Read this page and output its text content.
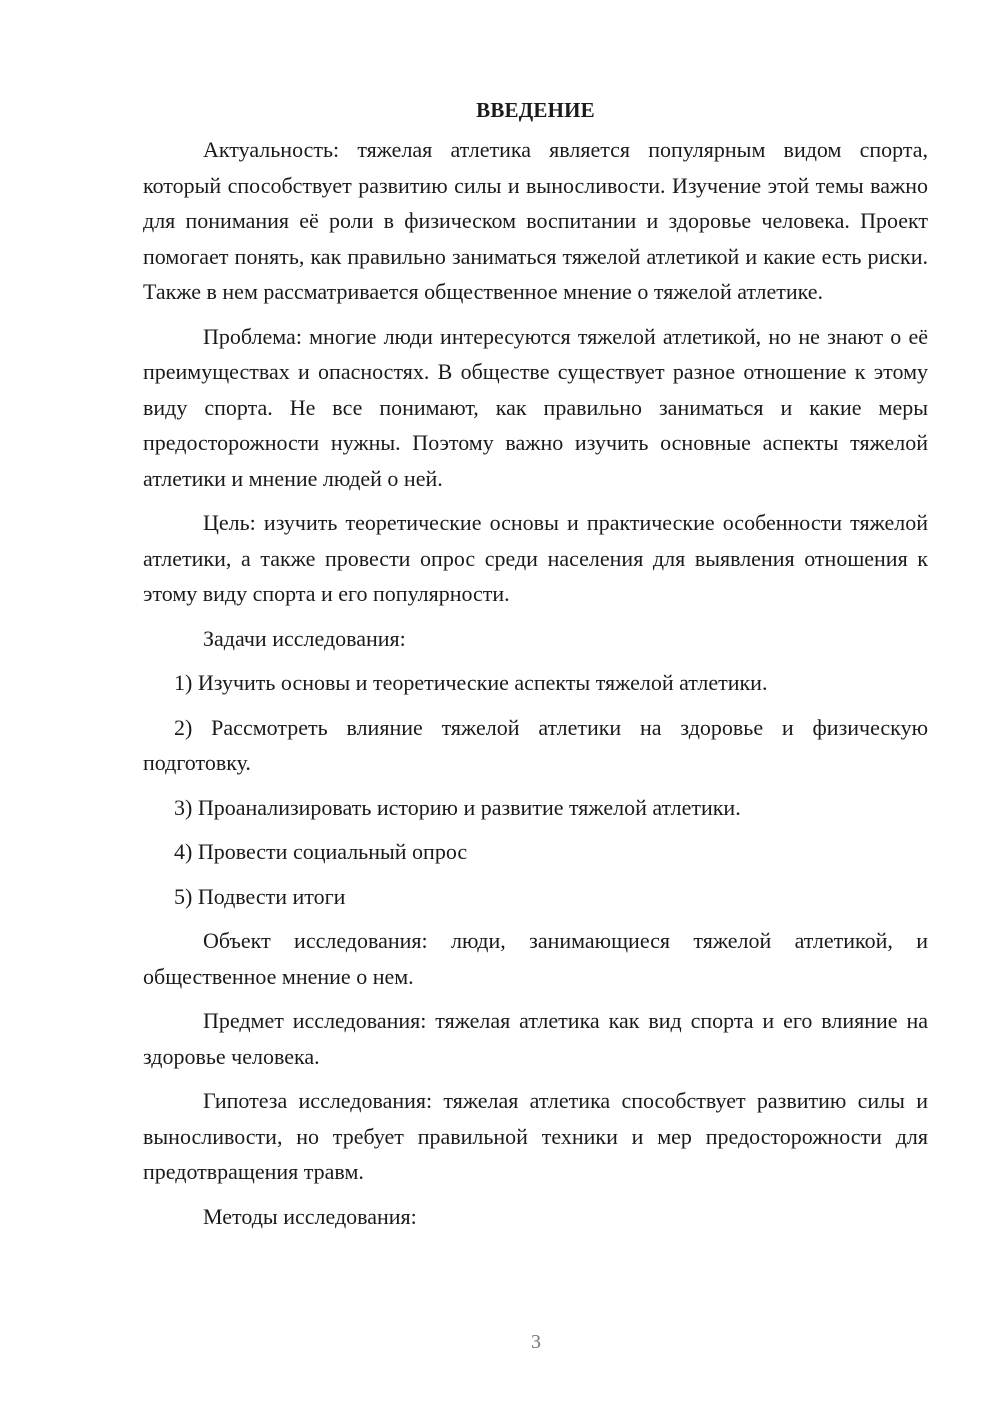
ВВЕДЕНИЕ

Актуальность: тяжелая атлетика является популярным видом спорта, который способствует развитию силы и выносливости. Изучение этой темы важно для понимания её роли в физическом воспитании и здоровье человека. Проект помогает понять, как правильно заниматься тяжелой атлетикой и какие есть риски. Также в нем рассматривается общественное мнение о тяжелой атлетике.

Проблема: многие люди интересуются тяжелой атлетикой, но не знают о её преимуществах и опасностях. В обществе существует разное отношение к этому виду спорта. Не все понимают, как правильно заниматься и какие меры предосторожности нужны. Поэтому важно изучить основные аспекты тяжелой атлетики и мнение людей о ней.

Цель: изучить теоретические основы и практические особенности тяжелой атлетики, а также провести опрос среди населения для выявления отношения к этому виду спорта и его популярности.

Задачи исследования:

1) Изучить основы и теоретические аспекты тяжелой атлетики.

2) Рассмотреть влияние тяжелой атлетики на здоровье и физическую подготовку.

3) Проанализировать историю и развитие тяжелой атлетики.

4) Провести социальный опрос

5) Подвести итоги

Объект исследования: люди, занимающиеся тяжелой атлетикой, и общественное мнение о нем.

Предмет исследования: тяжелая атлетика как вид спорта и его влияние на здоровье человека.

Гипотеза исследования: тяжелая атлетика способствует развитию силы и выносливости, но требует правильной техники и мер предосторожности для предотвращения травм.

Методы исследования:

3
